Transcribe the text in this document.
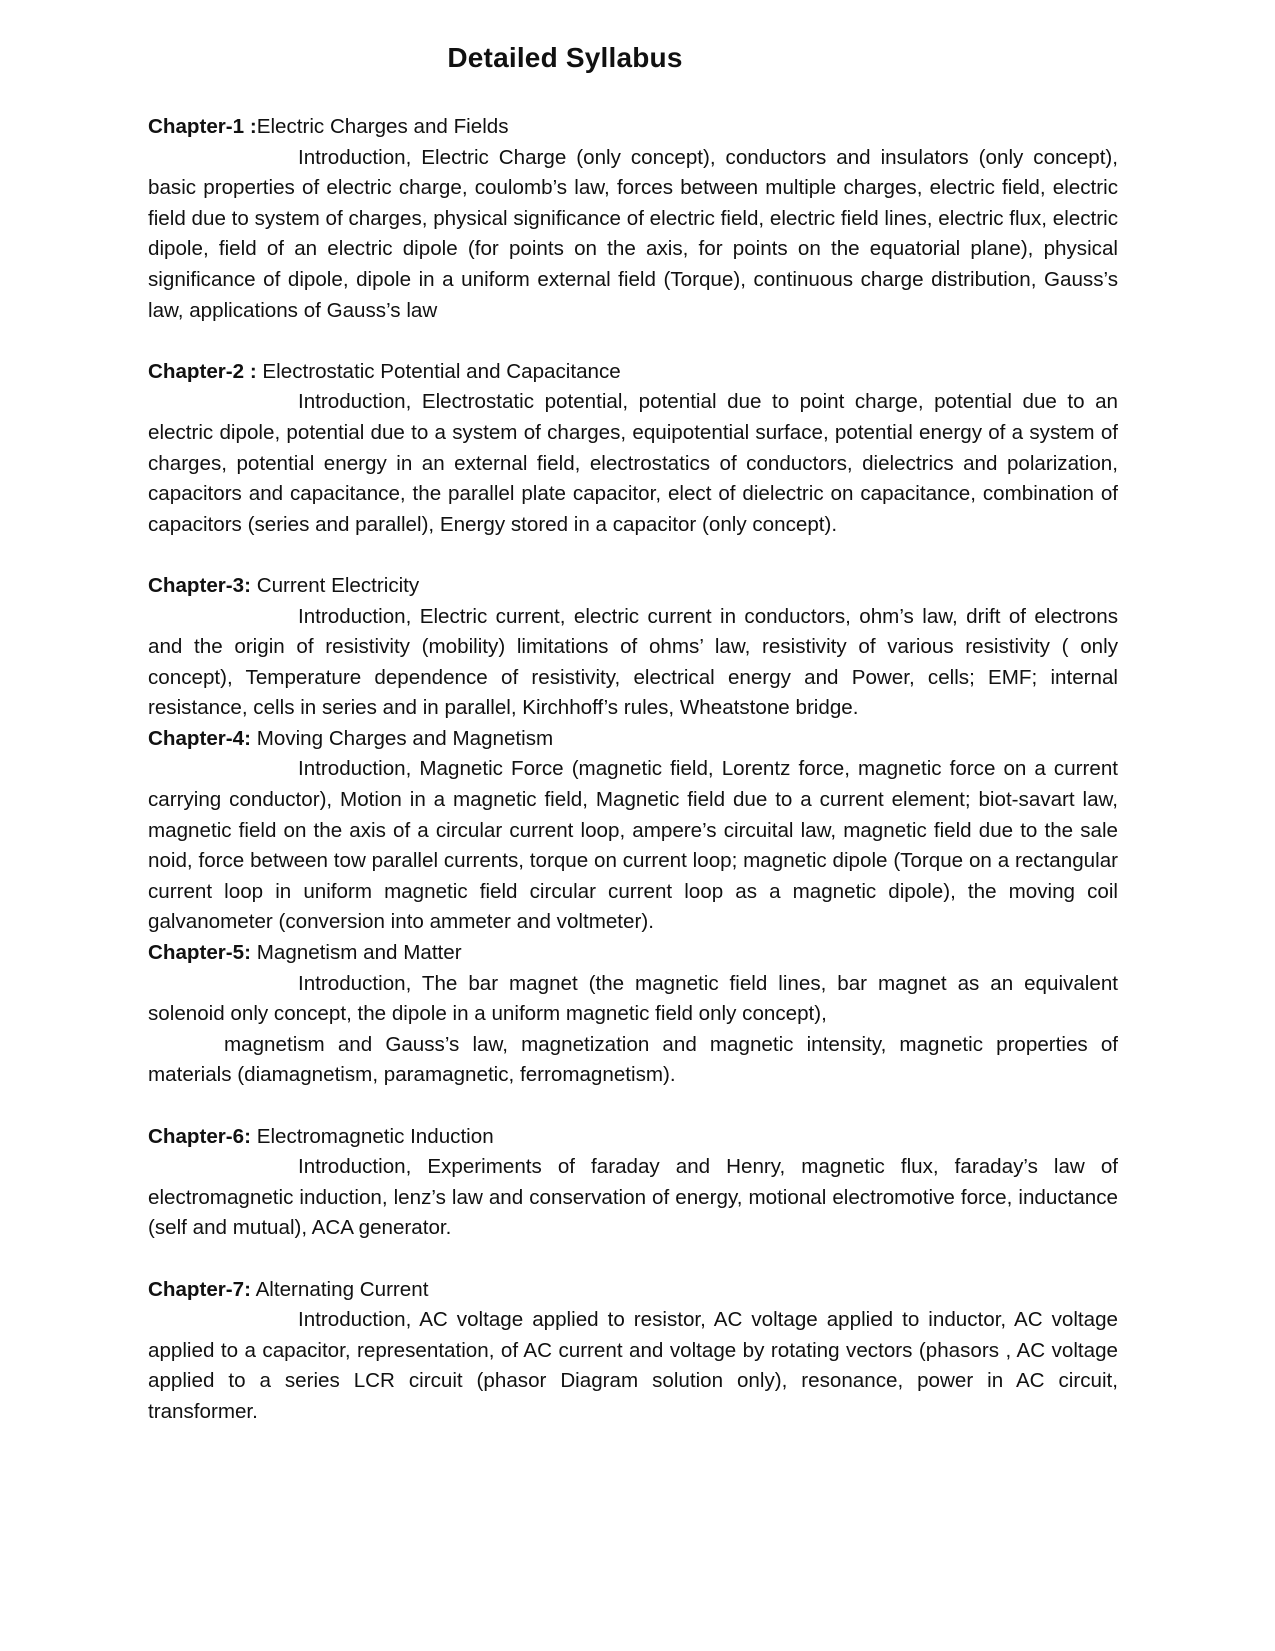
Detailed Syllabus

Chapter-1 :Electric Charges and Fields

Introduction, Electric Charge (only concept), conductors and insulators (only concept), basic properties of electric charge, coulomb’s law, forces between multiple charges, electric field, electric field due to system of charges, physical significance of electric field, electric field lines, electric flux, electric dipole, field of an electric dipole (for points on the axis, for points on the equatorial plane), physical significance of dipole, dipole in a uniform external field (Torque), continuous charge distribution, Gauss’s law, applications of Gauss’s law

Chapter-2 : Electrostatic Potential and Capacitance

Introduction, Electrostatic potential, potential due to point charge, potential due to an electric dipole, potential due to a system of charges, equipotential surface, potential energy of a system of charges, potential energy in an external field, electrostatics of conductors, dielectrics and polarization, capacitors and capacitance, the parallel plate capacitor, elect of dielectric on capacitance, combination of capacitors (series and parallel), Energy stored in a capacitor (only concept).

Chapter-3: Current Electricity

Introduction, Electric current, electric current in conductors, ohm’s law, drift of electrons and the origin of resistivity (mobility) limitations of ohms’ law, resistivity of various resistivity ( only concept), Temperature dependence of resistivity, electrical energy and Power, cells; EMF; internal resistance, cells in series and in parallel, Kirchhoff’s rules, Wheatstone bridge.

Chapter-4: Moving Charges and Magnetism

Introduction, Magnetic Force (magnetic field, Lorentz force, magnetic force on a current carrying conductor), Motion in a magnetic field, Magnetic field due to a current element; biot-savart law, magnetic field on the axis of a circular current loop, ampere’s circuital law, magnetic field due to the sale noid, force between tow parallel currents, torque on current loop; magnetic dipole (Torque on a rectangular current loop in uniform magnetic field circular current loop as a magnetic dipole), the moving coil galvanometer (conversion into ammeter and voltmeter).

Chapter-5: Magnetism and Matter

Introduction, The bar magnet (the magnetic field lines, bar magnet as an equivalent solenoid only concept, the dipole in a uniform magnetic field only concept),

magnetism and Gauss’s law, magnetization and magnetic intensity, magnetic properties of materials (diamagnetism, paramagnetic, ferromagnetism).

Chapter-6: Electromagnetic Induction

Introduction, Experiments of faraday and Henry, magnetic flux, faraday’s law of electromagnetic induction, lenz’s law and conservation of energy, motional electromotive force, inductance (self and mutual), ACA generator.

Chapter-7: Alternating Current

Introduction, AC voltage applied to resistor, AC voltage applied to inductor, AC voltage applied to a capacitor, representation, of AC current and voltage by rotating vectors (phasors , AC voltage applied to a series LCR circuit (phasor Diagram solution only), resonance, power in AC circuit, transformer.
